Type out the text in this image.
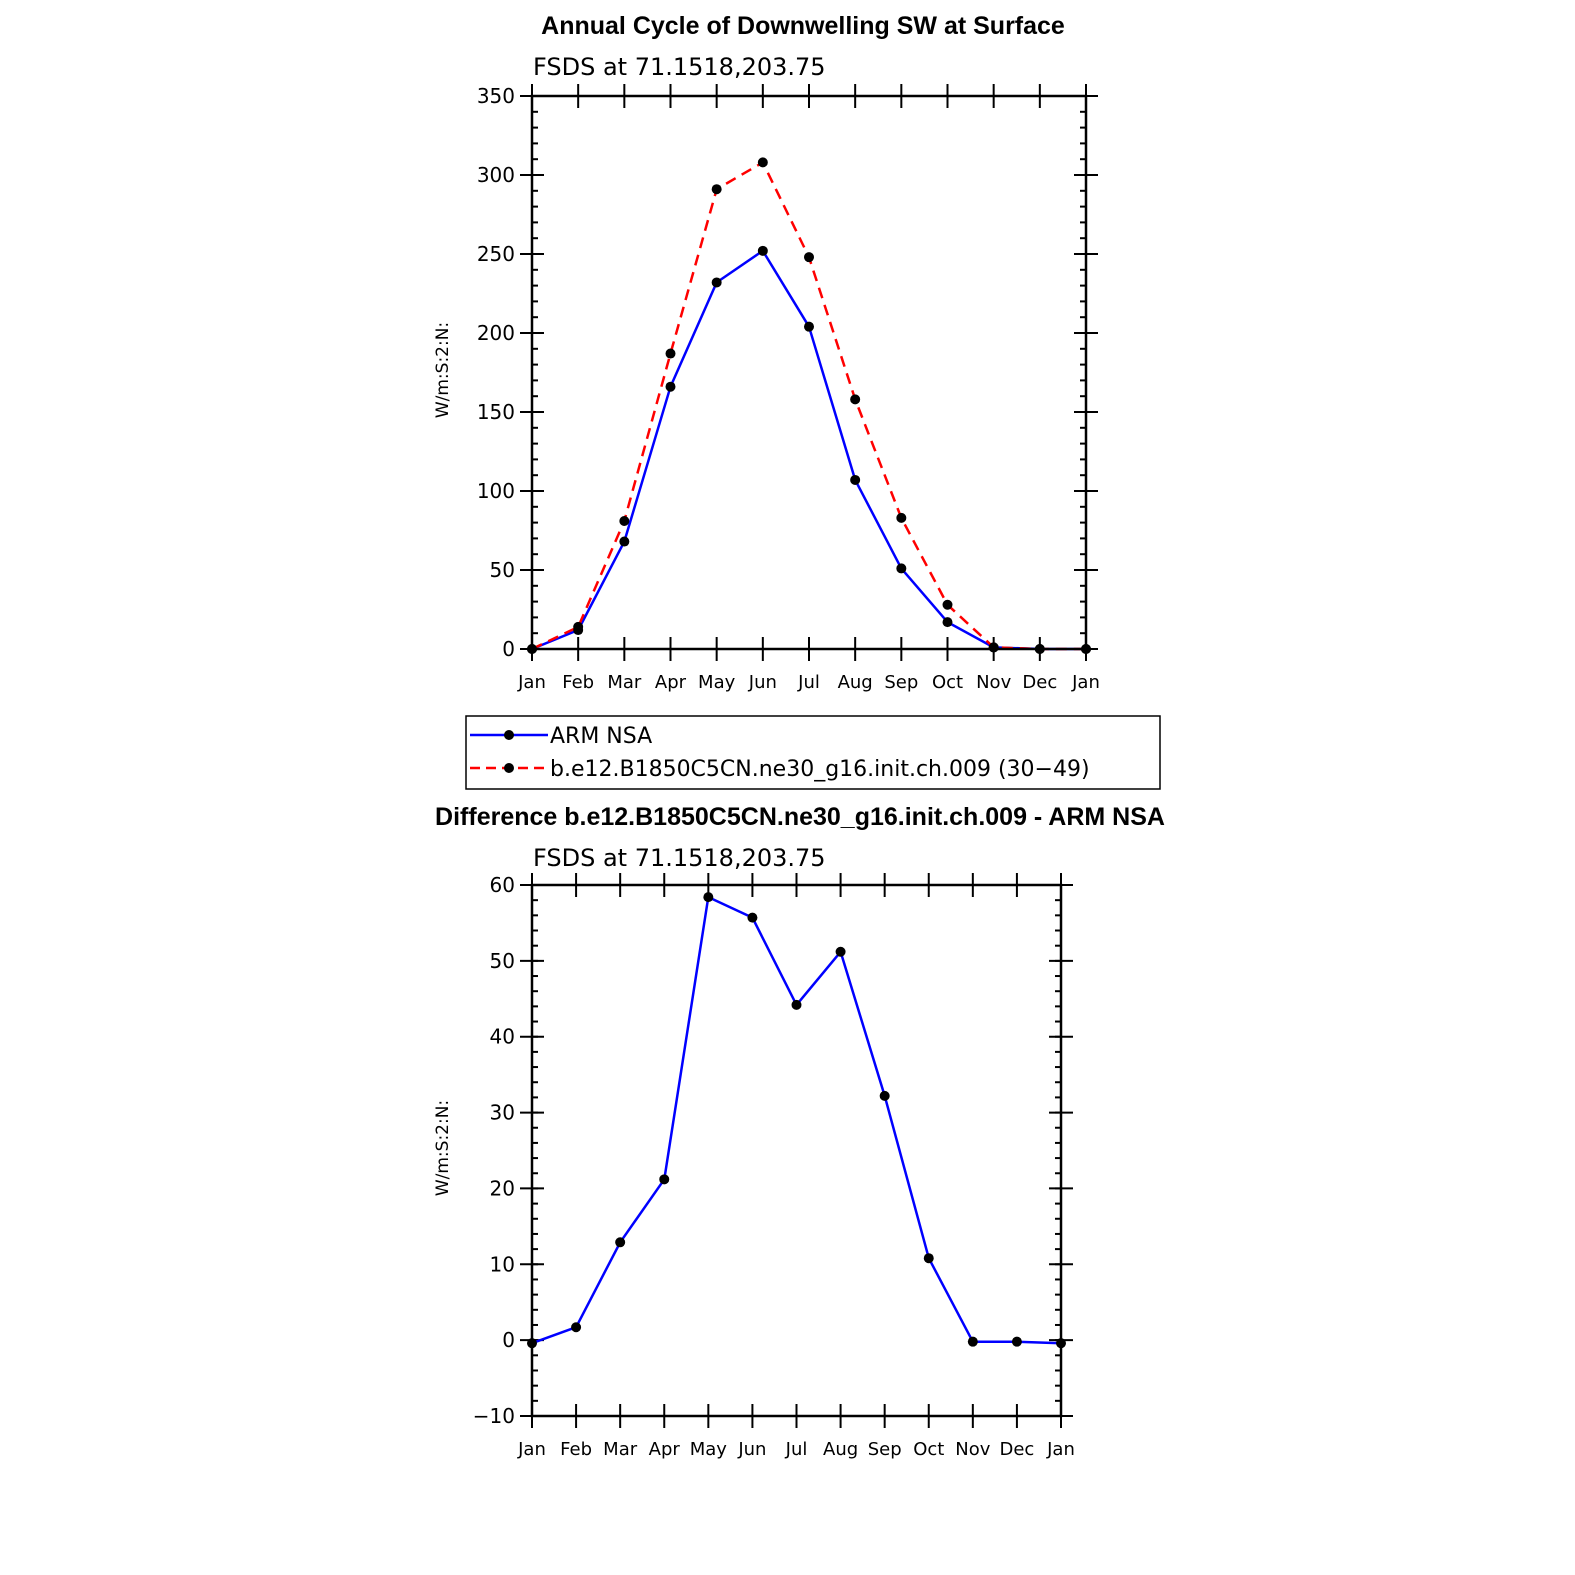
Annual Cycle of Downwelling SW at Surface
FSDS at 71.1518,203.75
W/m:S:2:N:
0
50
100
150
200
250
300
350
Jan Feb Mar Apr May Jun Jul Aug Sep Oct Nov Dec Jan
ARM NSA
b.e12.B1850C5CN.ne30_g16.init.ch.009 (30−49)
Difference b.e12.B1850C5CN.ne30_g16.init.ch.009 - ARM NSA
FSDS at 71.1518,203.75
W/m:S:2:N:
−10
0
10
20
30
40
50
60
Jan Feb Mar Apr May Jun Jul Aug Sep Oct Nov Dec Jan
